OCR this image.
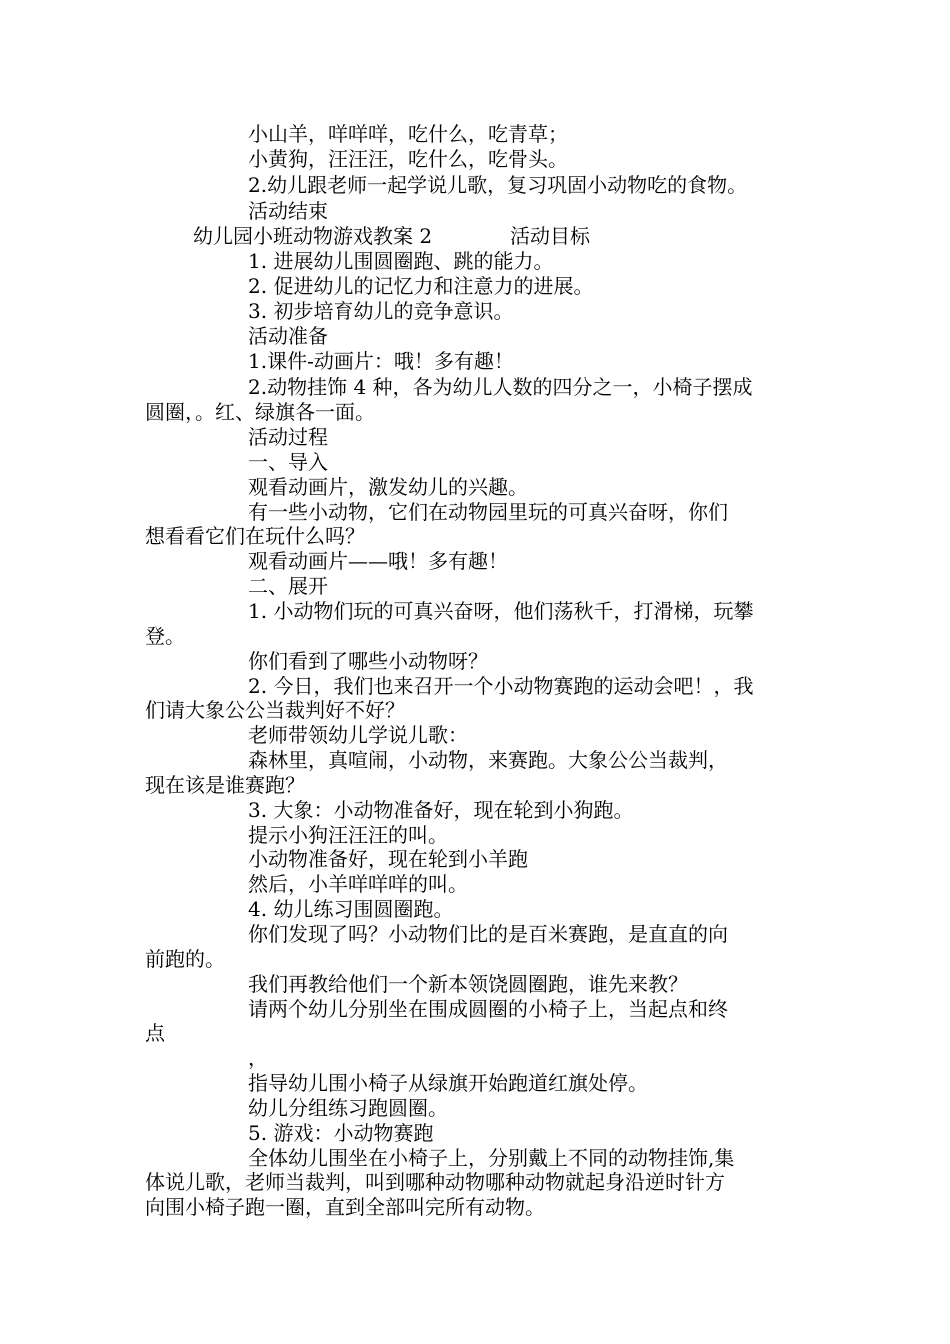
小山羊，咩咩咩，吃什么，吃青草；
小黄狗，汪汪汪，吃什么，吃骨头。
2.幼儿跟老师一起学说儿歌，复习巩固小动物吃的食物。
活动结束
幼儿园小班动物游戏教案 2	活动目标
1. 进展幼儿围圆圈跑、跳的能力。
2. 促进幼儿的记忆力和注意力的进展。
3. 初步培育幼儿的竞争意识。
活动准备
1.课件-动画片：哦！多有趣！
2.动物挂饰 4 种，各为幼儿人数的四分之一，小椅子摆成
圆圈，。红、绿旗各一面。
活动过程
一、导入
观看动画片，激发幼儿的兴趣。
有一些小动物，它们在动物园里玩的可真兴奋呀，你们
想看看它们在玩什么吗？
观看动画片——哦！多有趣！
二、展开
1. 小动物们玩的可真兴奋呀，他们荡秋千，打滑梯，玩攀
登。
你们看到了哪些小动物呀？
2. 今日，我们也来召开一个小动物赛跑的运动会吧！，我
们请大象公公当裁判好不好？
老师带领幼儿学说儿歌：
森林里，真喧闹，小动物，来赛跑。大象公公当裁判，
现在该是谁赛跑？
3. 大象：小动物准备好，现在轮到小狗跑。
提示小狗汪汪汪的叫。
小动物准备好，现在轮到小羊跑
然后，小羊咩咩咩的叫。
4. 幼儿练习围圆圈跑。
你们发现了吗？小动物们比的是百米赛跑，是直直的向
前跑的。
我们再教给他们一个新本领饶圆圈跑，谁先来教？
请两个幼儿分别坐在围成圆圈的小椅子上，当起点和终
点
，
指导幼儿围小椅子从绿旗开始跑道红旗处停。
幼儿分组练习跑圆圈。
5. 游戏：小动物赛跑
全体幼儿围坐在小椅子上，分别戴上不同的动物挂饰,集
体说儿歌，老师当裁判，叫到哪种动物哪种动物就起身沿逆时针方
向围小椅子跑一圈，直到全部叫完所有动物。
